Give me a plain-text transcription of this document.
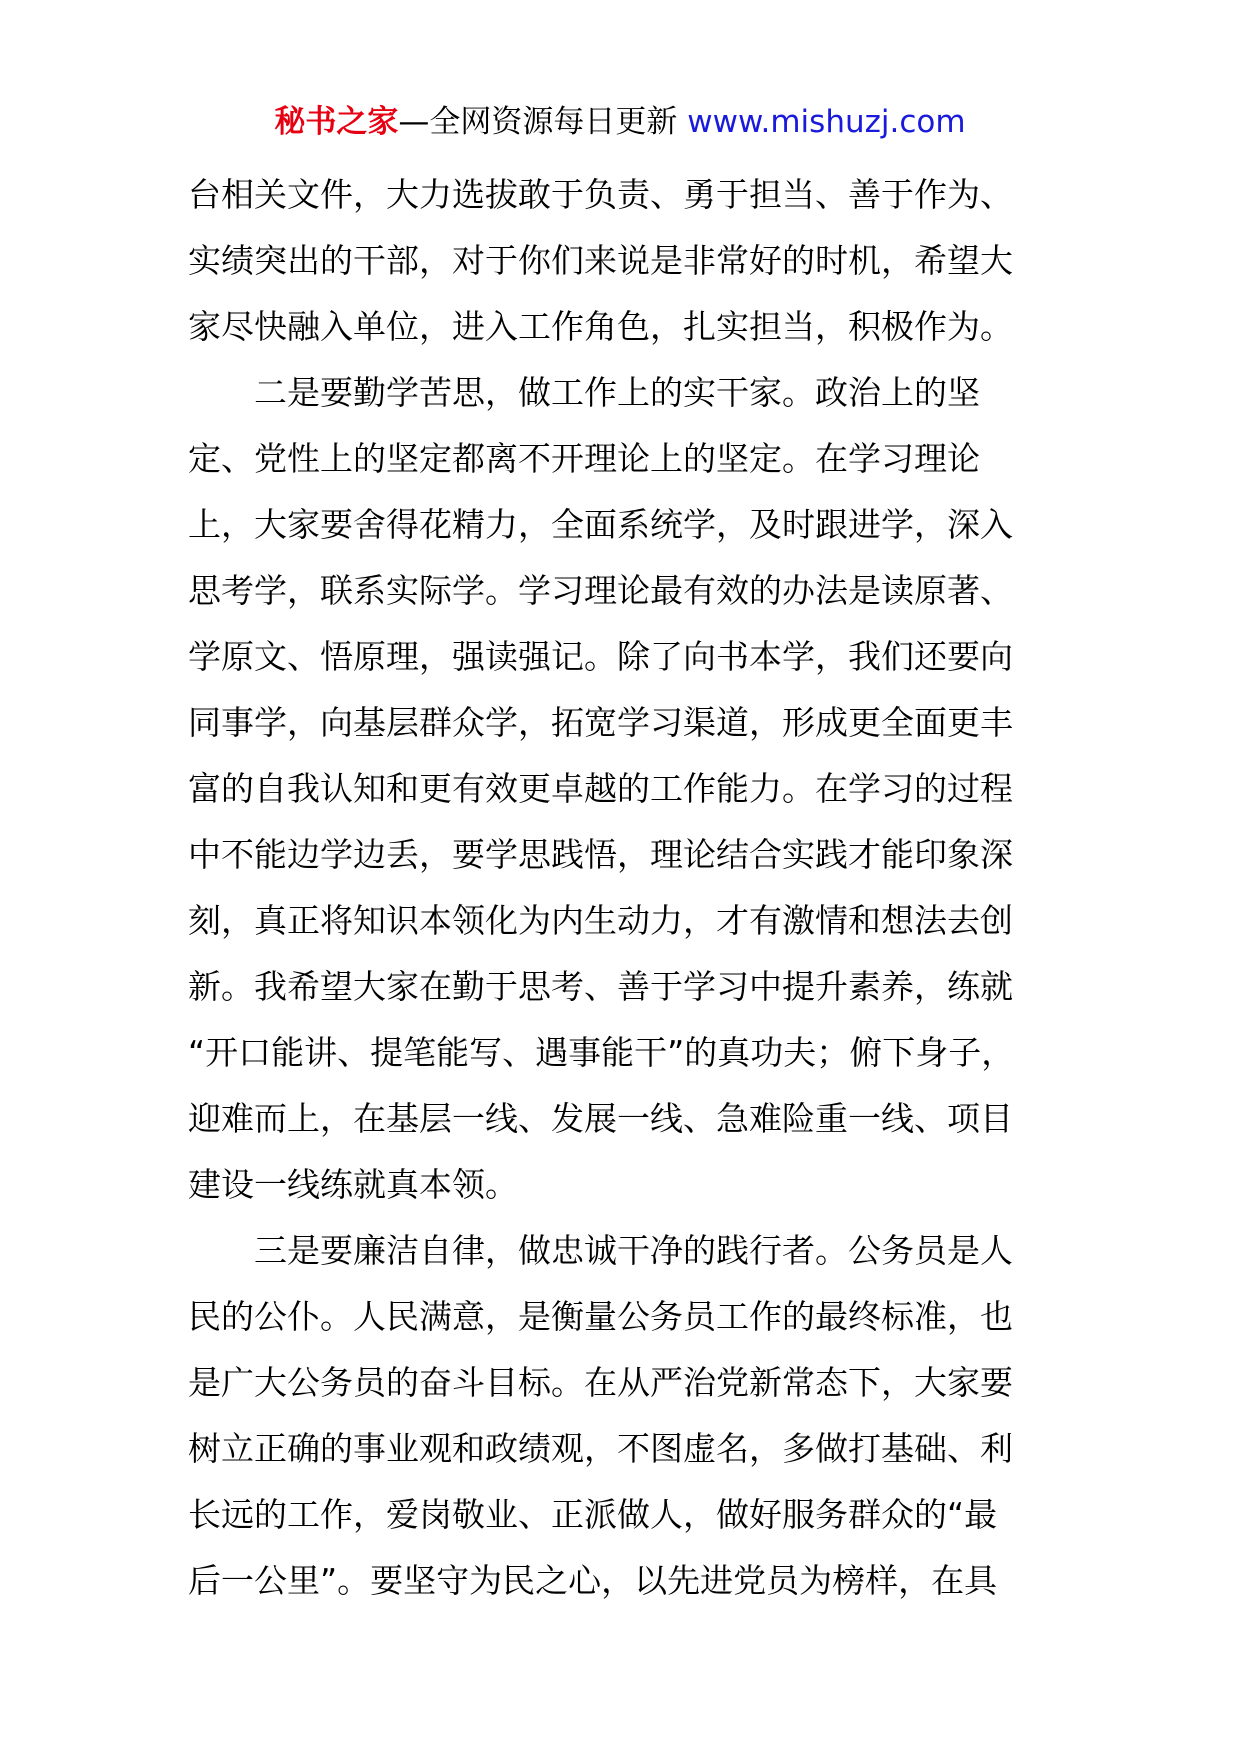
秘书之家—全网资源每日更新 www.mishuzj.com
台相关文件，大力选拔敢于负责、勇于担当、善于作为、
实绩突出的干部，对于你们来说是非常好的时机，希望大
家尽快融入单位，进入工作角色，扎实担当，积极作为。
二是要勤学苦思，做工作上的实干家。政治上的坚
定、党性上的坚定都离不开理论上的坚定。在学习理论
上，大家要舍得花精力，全面系统学，及时跟进学，深入
思考学，联系实际学。学习理论最有效的办法是读原著、
学原文、悟原理，强读强记。除了向书本学，我们还要向
同事学，向基层群众学，拓宽学习渠道，形成更全面更丰
富的自我认知和更有效更卓越的工作能力。在学习的过程
中不能边学边丢，要学思践悟，理论结合实践才能印象深
刻，真正将知识本领化为内生动力，才有激情和想法去创
新。我希望大家在勤于思考、善于学习中提升素养，练就
“开口能讲、提笔能写、遇事能干”的真功夫；俯下身子，
迎难而上，在基层一线、发展一线、急难险重一线、项目
建设一线练就真本领。
三是要廉洁自律，做忠诚干净的践行者。公务员是人
民的公仆。人民满意，是衡量公务员工作的最终标准，也
是广大公务员的奋斗目标。在从严治党新常态下，大家要
树立正确的事业观和政绩观，不图虚名，多做打基础、利
长远的工作，爱岗敬业、正派做人，做好服务群众的“最
后一公里”。要坚守为民之心，以先进党员为榜样，在具
